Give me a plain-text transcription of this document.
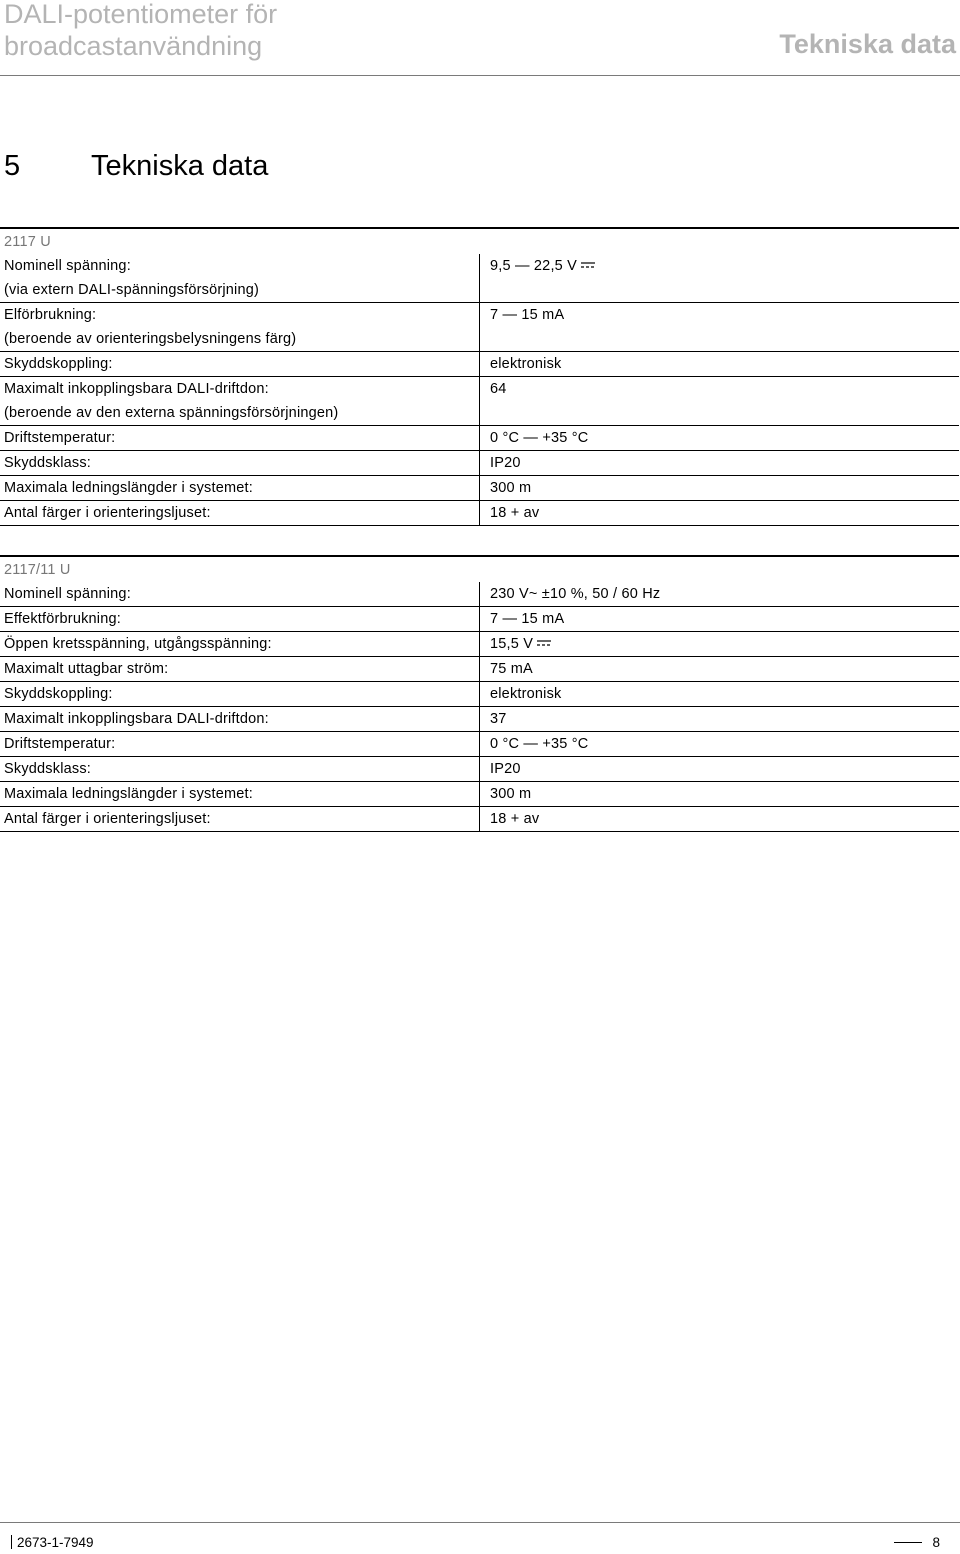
DALI-potentiometer för
broadcastanvändning	Tekniska data
5 Tekniska data
2117 U	
Nominell spänning:	9,5 — 22,5 V
(via extern DALI-spänningsförsörjning)	
Elförbrukning:	7 — 15 mA
(beroende av orienteringsbelysningens färg)	
Skyddskoppling:	elektronisk
Maximalt inkopplingsbara DALI-driftdon:	64
(beroende av den externa spänningsförsörjningen)	
Driftstemperatur:	0 °C — +35 °C
Skyddsklass:	IP20
Maximala ledningslängder i systemet:	300 m
Antal färger i orienteringsljuset:	18 + av
2117/11 U	
Nominell spänning:	230 V~ ±10 %, 50 / 60 Hz
Effektförbrukning:	7 — 15 mA
Öppen kretsspänning, utgångsspänning:	15,5 V
Maximalt uttagbar ström:	75 mA
Skyddskoppling:	elektronisk
Maximalt inkopplingsbara DALI-driftdon:	37
Driftstemperatur:	0 °C — +35 °C
Skyddsklass:	IP20
Maximala ledningslängder i systemet:	300 m
Antal färger i orienteringsljuset:	18 + av
2673-1-7949	8
